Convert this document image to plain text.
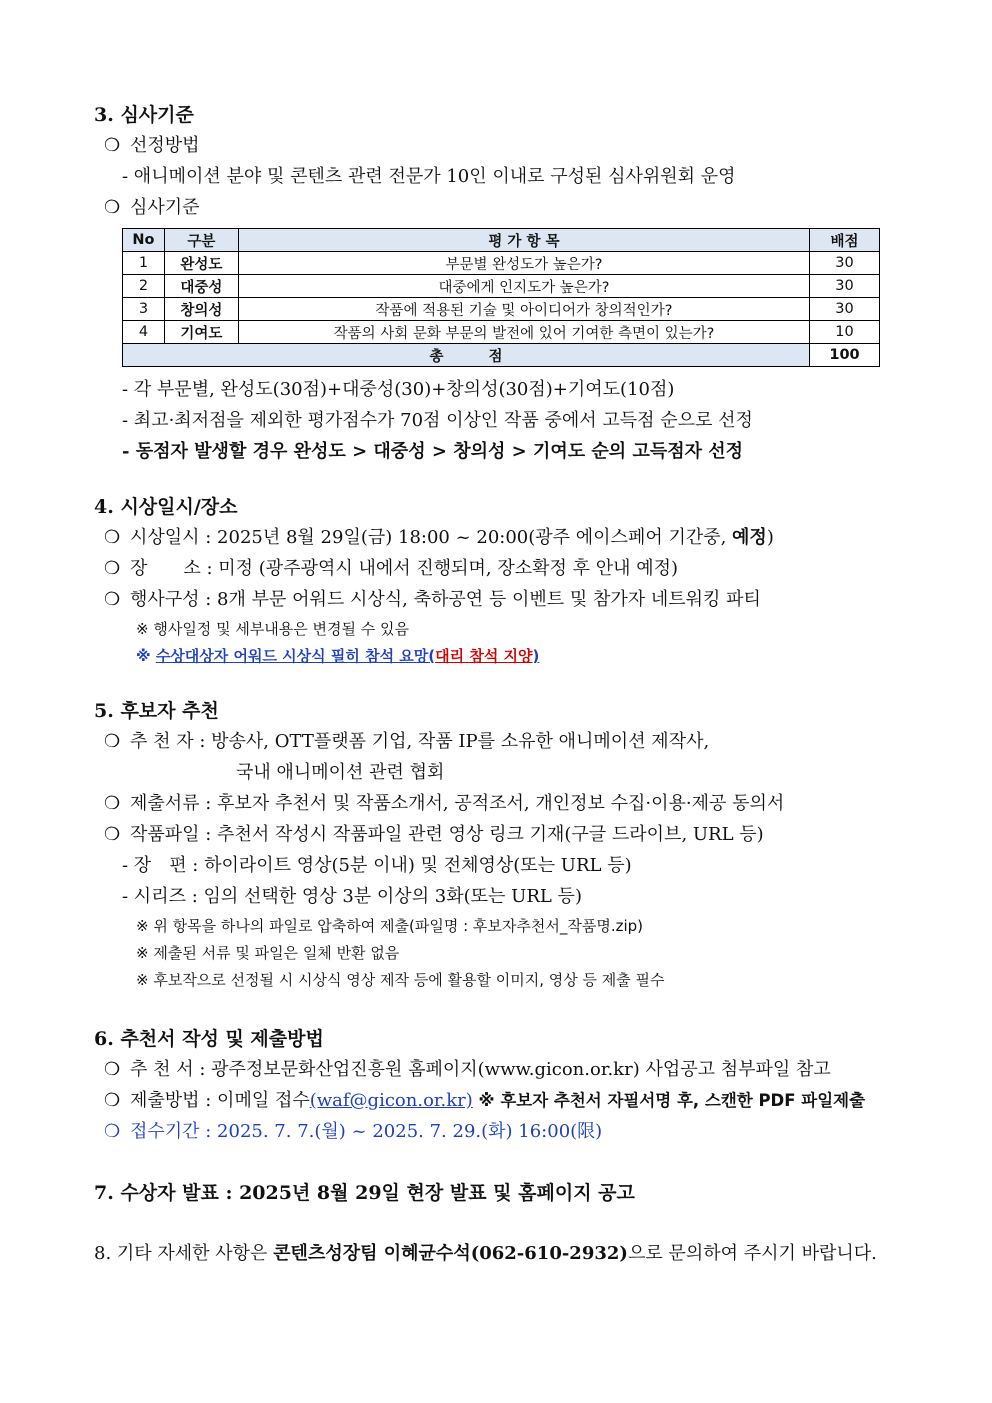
3. 심사기준
❍ 선정방법
- 애니메이션 분야 및 콘텐츠 관련 전문가 10인 이내로 구성된 심사위원회 운영
❍ 심사기준
No	구분	평 가 항 목	배점
1	완성도	부문별 완성도가 높은가?	30
2	대중성	대중에게 인지도가 높은가?	30
3	창의성	작품에 적용된 기술 및 아이디어가 창의적인가?	30
4	기여도	작품의 사회 문화 부문의 발전에 있어 기여한 측면이 있는가?	10
총 점			100
- 각 부문별, 완성도(30점)+대중성(30)+창의성(30점)+기여도(10점)
- 최고·최저점을 제외한 평가점수가 70점 이상인 작품 중에서 고득점 순으로 선정
- 동점자 발생할 경우 완성도 > 대중성 > 창의성 > 기여도 순의 고득점자 선정
4. 시상일시/장소
❍ 시상일시 : 2025년 8월 29일(금) 18:00 ~ 20:00(광주 에이스페어 기간중, 예정)
❍ 장　　소 : 미정 (광주광역시 내에서 진행되며, 장소확정 후 안내 예정)
❍ 행사구성 : 8개 부문 어워드 시상식, 축하공연 등 이벤트 및 참가자 네트워킹 파티
※ 행사일정 및 세부내용은 변경될 수 있음
※ 수상대상자 어워드 시상식 필히 참석 요망(대리 참석 지양)
5. 후보자 추천
❍ 추 천 자 : 방송사, OTT플랫폼 기업, 작품 IP를 소유한 애니메이션 제작사,
국내 애니메이션 관련 협회
❍ 제출서류 : 후보자 추천서 및 작품소개서, 공적조서, 개인정보 수집·이용·제공 동의서
❍ 작품파일 : 추천서 작성시 작품파일 관련 영상 링크 기재(구글 드라이브, URL 등)
- 장　편 : 하이라이트 영상(5분 이내) 및 전체영상(또는 URL 등)
- 시리즈 : 임의 선택한 영상 3분 이상의 3화(또는 URL 등)
※ 위 항목을 하나의 파일로 압축하여 제출(파일명 : 후보자추천서_작품명.zip)
※ 제출된 서류 및 파일은 일체 반환 없음
※ 후보작으로 선정될 시 시상식 영상 제작 등에 활용할 이미지, 영상 등 제출 필수
6. 추천서 작성 및 제출방법
❍ 추 천 서 : 광주정보문화산업진흥원 홈페이지(www.gicon.or.kr) 사업공고 첨부파일 참고
❍ 제출방법 : 이메일 접수(waf@gicon.or.kr) ※ 후보자 추천서 자필서명 후, 스캔한 PDF 파일제출
❍ 접수기간 : 2025. 7. 7.(월) ~ 2025. 7. 29.(화) 16:00(限)
7. 수상자 발표 : 2025년 8월 29일 현장 발표 및 홈페이지 공고
8. 기타 자세한 사항은 콘텐츠성장팀 이혜균수석(062-610-2932)으로 문의하여 주시기 바랍니다.
